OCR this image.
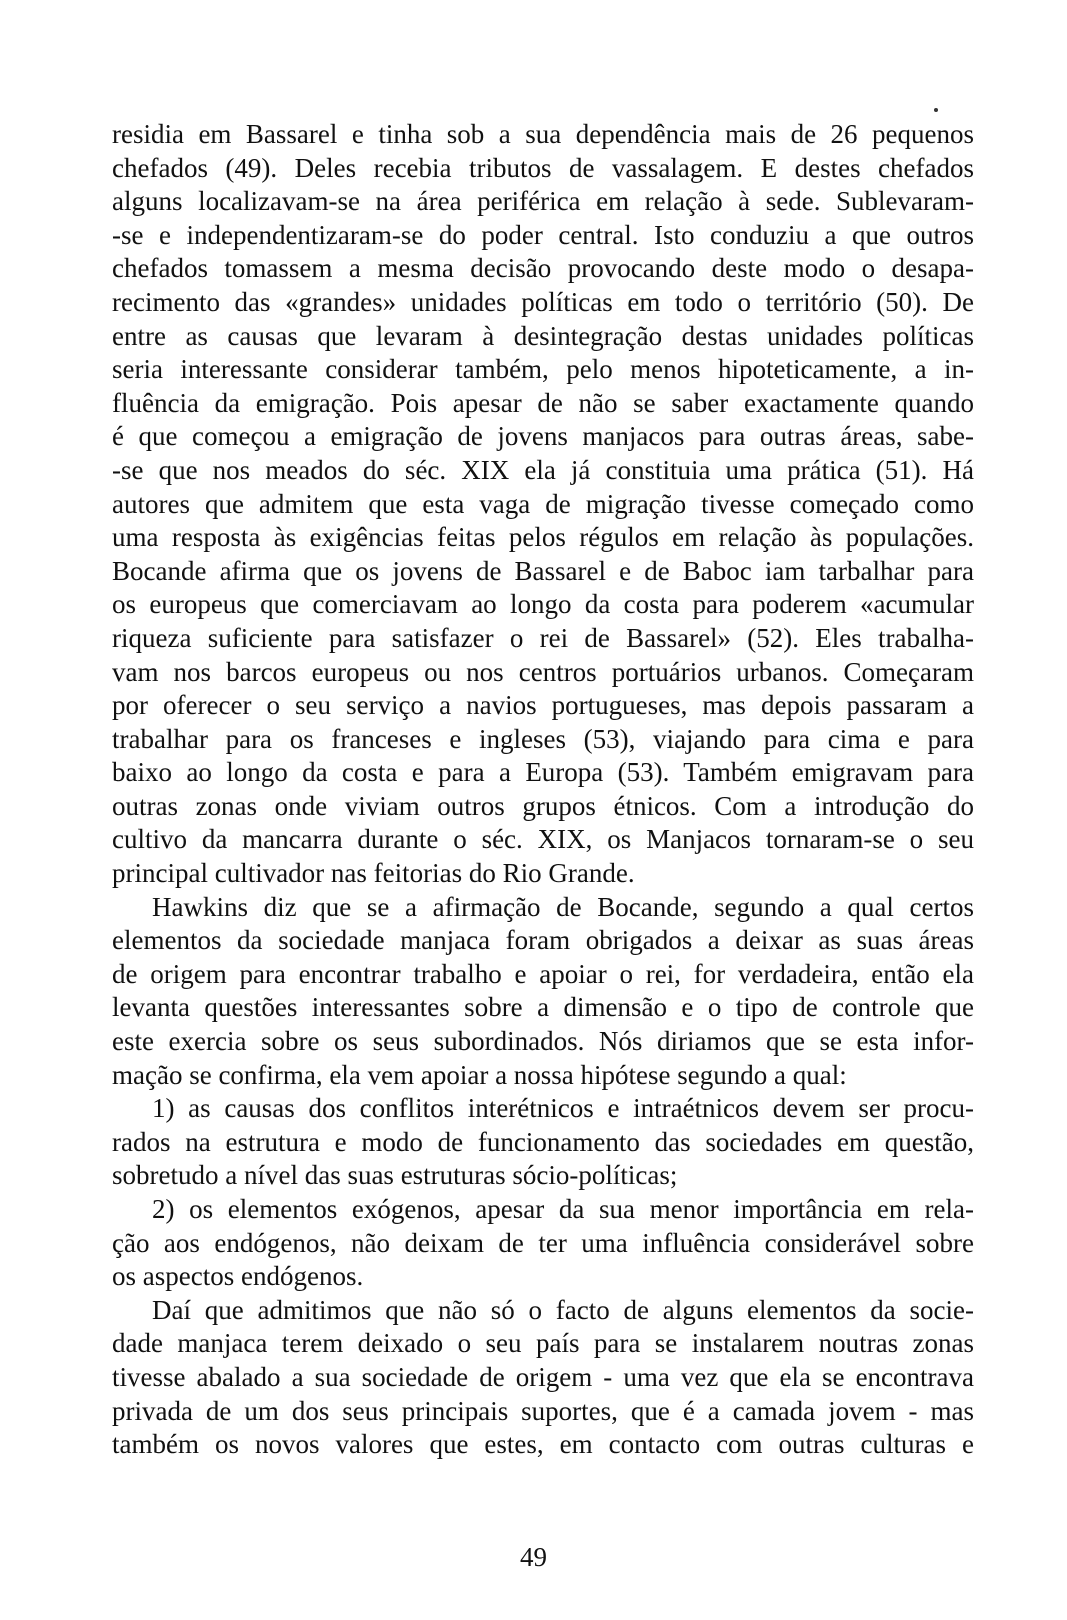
residia em Bassarel e tinha sob a sua dependência mais de 26 pequenos
chefados (49). Deles recebia tributos de vassalagem. E destes chefados
alguns localizavam-se na área periférica em relação à sede. Sublevaram-
-se e independentizaram-se do poder central. Isto conduziu a que outros
chefados tomassem a mesma decisão provocando deste modo o desapa-
recimento das «grandes» unidades políticas em todo o território (50). De
entre as causas que levaram à desintegração destas unidades políticas
seria interessante considerar também, pelo menos hipoteticamente, a in-
fluência da emigração. Pois apesar de não se saber exactamente quando
é que começou a emigração de jovens manjacos para outras áreas, sabe-
-se que nos meados do séc. XIX ela já constituia uma prática (51). Há
autores que admitem que esta vaga de migração tivesse começado como
uma resposta às exigências feitas pelos régulos em relação às populações.
Bocande afirma que os jovens de Bassarel e de Baboc iam tarbalhar para
os europeus que comerciavam ao longo da costa para poderem «acumular
riqueza suficiente para satisfazer o rei de Bassarel» (52). Eles trabalha-
vam nos barcos europeus ou nos centros portuários urbanos. Começaram
por oferecer o seu serviço a navios portugueses, mas depois passaram a
trabalhar para os franceses e ingleses (53), viajando para cima e para
baixo ao longo da costa e para a Europa (53). Também emigravam para
outras zonas onde viviam outros grupos étnicos. Com a introdução do
cultivo da mancarra durante o séc. XIX, os Manjacos tornaram-se o seu
principal cultivador nas feitorias do Rio Grande.
Hawkins diz que se a afirmação de Bocande, segundo a qual certos
elementos da sociedade manjaca foram obrigados a deixar as suas áreas
de origem para encontrar trabalho e apoiar o rei, for verdadeira, então ela
levanta questões interessantes sobre a dimensão e o tipo de controle que
este exercia sobre os seus subordinados. Nós diriamos que se esta infor-
mação se confirma, ela vem apoiar a nossa hipótese segundo a qual:
1) as causas dos conflitos interétnicos e intraétnicos devem ser procu-
rados na estrutura e modo de funcionamento das sociedades em questão,
sobretudo a nível das suas estruturas sócio-políticas;
2) os elementos exógenos, apesar da sua menor importância em rela-
ção aos endógenos, não deixam de ter uma influência considerável sobre
os aspectos endógenos.
Daí que admitimos que não só o facto de alguns elementos da socie-
dade manjaca terem deixado o seu país para se instalarem noutras zonas
tivesse abalado a sua sociedade de origem - uma vez que ela se encontrava
privada de um dos seus principais suportes, que é a camada jovem - mas
também os novos valores que estes, em contacto com outras culturas e
49
